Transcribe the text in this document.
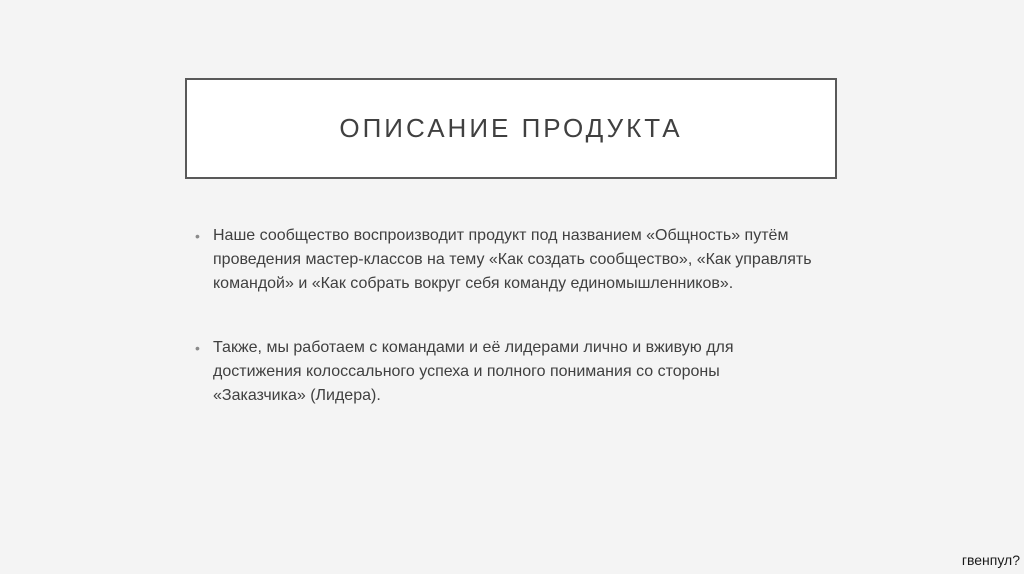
ОПИСАНИЕ ПРОДУКТА
• Наше сообщество воспроизводит продукт под названием «Общность» путём проведения мастер-классов на тему «Как создать сообщество», «Как управлять командой» и «Как собрать вокруг себя команду единомышленников».
• Также, мы работаем с командами и её лидерами лично и вживую для достижения колоссального успеха и полного понимания со стороны «Заказчика» (Лидера).
гвенпул?
